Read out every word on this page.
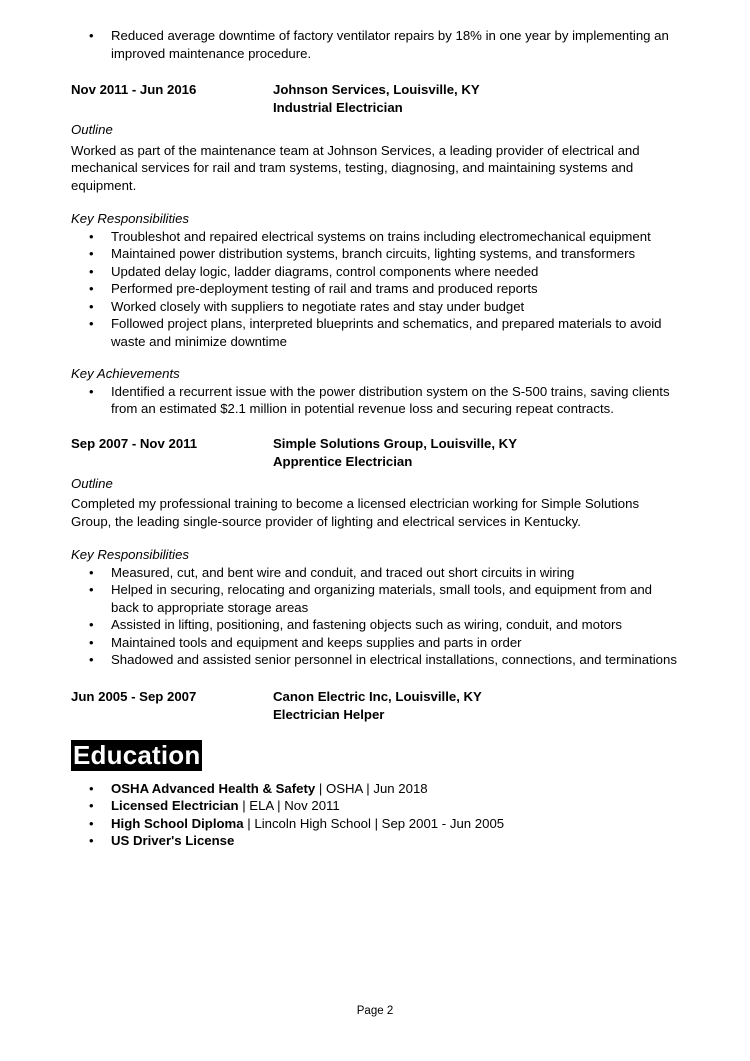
• Reduced average downtime of factory ventilator repairs by 18% in one year by implementing an improved maintenance procedure.
Nov 2011 - Jun 2016	Johnson Services, Louisville, KY
Industrial Electrician
Outline

Worked as part of the maintenance team at Johnson Services, a leading provider of electrical and mechanical services for rail and tram systems, testing, diagnosing, and maintaining systems and equipment.

Key Responsibilities
• Troubleshot and repaired electrical systems on trains including electromechanical equipment
• Maintained power distribution systems, branch circuits, lighting systems, and transformers
• Updated delay logic, ladder diagrams, control components where needed
• Performed pre-deployment testing of rail and trams and produced reports
• Worked closely with suppliers to negotiate rates and stay under budget
• Followed project plans, interpreted blueprints and schematics, and prepared materials to avoid waste and minimize downtime
Key Achievements
• Identified a recurrent issue with the power distribution system on the S-500 trains, saving clients from an estimated $2.1 million in potential revenue loss and securing repeat contracts.
Sep 2007 - Nov 2011	Simple Solutions Group, Louisville, KY
Apprentice Electrician
Outline

Completed my professional training to become a licensed electrician working for Simple Solutions Group, the leading single-source provider of lighting and electrical services in Kentucky.

Key Responsibilities
• Measured, cut, and bent wire and conduit, and traced out short circuits in wiring
• Helped in securing, relocating and organizing materials, small tools, and equipment from and back to appropriate storage areas
• Assisted in lifting, positioning, and fastening objects such as wiring, conduit, and motors
• Maintained tools and equipment and keeps supplies and parts in order
• Shadowed and assisted senior personnel in electrical installations, connections, and terminations
Jun 2005 - Sep 2007	Canon Electric Inc, Louisville, KY
Electrician Helper
Education
• OSHA Advanced Health & Safety | OSHA | Jun 2018
• Licensed Electrician | ELA | Nov 2011
• High School Diploma | Lincoln High School | Sep 2001 - Jun 2005
• US Driver's License
Page 2
